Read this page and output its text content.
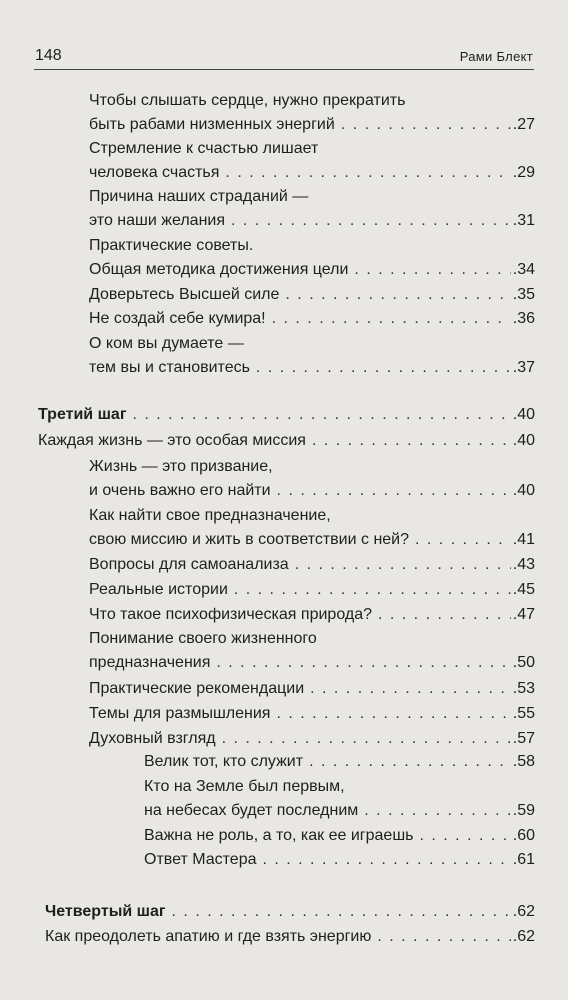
148	Рами Блект
Чтобы слышать сердце, нужно прекратить
быть рабами низменных энергий . . .	.27
Стремление к счастью лишает
человека счастья . . .	.29
Причина наших страданий —
это наши желания . . .	.31
Практические советы.
Общая методика достижения цели . . .	.34
Доверьтесь Высшей силе . . .	.35
Не создай себе кумира! . . .	.36
О ком вы думаете —
тем вы и становитесь . . .	.37
Третий шаг . . .	.40
Каждая жизнь — это особая миссия . . .	.40
Жизнь — это призвание,
и очень важно его найти . . .	.40
Как найти свое предназначение,
свою миссию и жить в соответствии с ней? . . .	.41
Вопросы для самоанализа . . .	.43
Реальные истории . . .	.45
Что такое психофизическая природа? . . .	.47
Понимание своего жизненного
предназначения . . .	.50
Практические рекомендации . . .	.53
Темы для размышления . . .	.55
Духовный взгляд . . .	.57
Велик тот, кто служит . . .	.58
Кто на Земле был первым,
на небесах будет последним . . .	.59
Важна не роль, а то, как ее играешь . . .	.60
Ответ Мастера . . .	.61
Четвертый шаг . . .	.62
Как преодолеть апатию и где взять энергию . . .	.62
